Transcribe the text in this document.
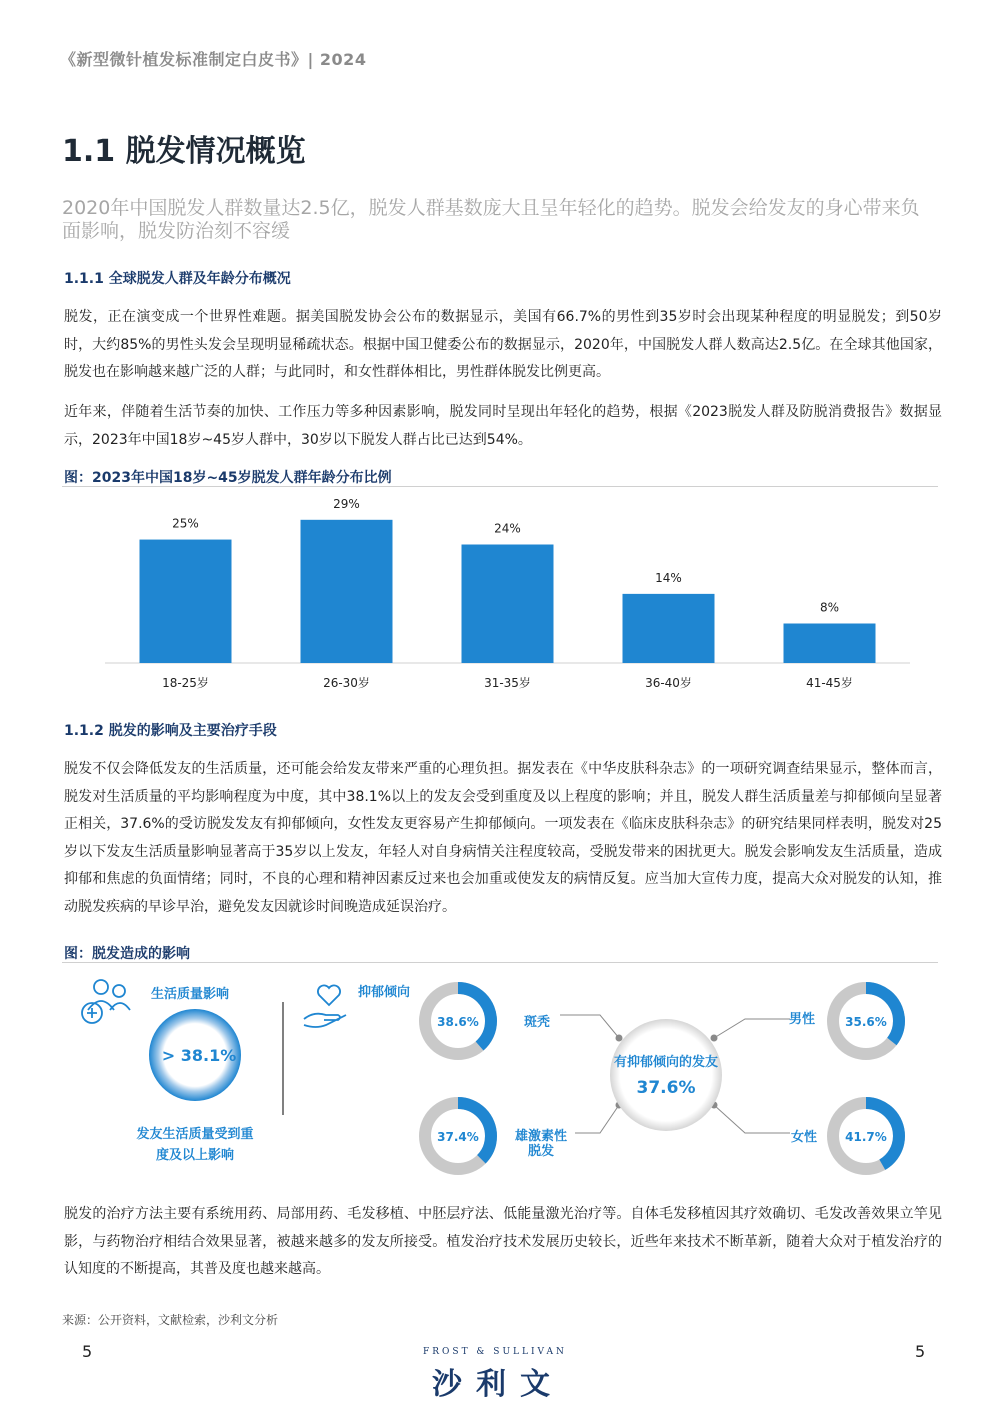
《新型微针植发标准制定白皮书》| 2024
1.1 脱发情况概览
2020年中国脱发人群数量达2.5亿，脱发人群基数庞大且呈年轻化的趋势。脱发会给发友的身心带来负面影响，脱发防治刻不容缓
1.1.1 全球脱发人群及年龄分布概况
脱发，正在演变成一个世界性难题。据美国脱发协会公布的数据显示，美国有66.7%的男性到35岁时会出现某种程度的明显脱发；到50岁时，大约85%的男性头发会呈现明显稀疏状态。根据中国卫健委公布的数据显示，2020年，中国脱发人群人数高达2.5亿。在全球其他国家，脱发也在影响越来越广泛的人群；与此同时，和女性群体相比，男性群体脱发比例更高。
近年来，伴随着生活节奏的加快、工作压力等多种因素影响，脱发同时呈现出年轻化的趋势，根据《2023脱发人群及防脱消费报告》数据显示，2023年中国18岁~45岁人群中，30岁以下脱发人群占比已达到54%。
图：2023年中国18岁~45岁脱发人群年龄分布比例
25%
18-25岁
29%
26-30岁
24%
31-35岁
14%
36-40岁
8%
41-45岁
1.1.2 脱发的影响及主要治疗手段
脱发不仅会降低发友的生活质量，还可能会给发友带来严重的心理负担。据发表在《中华皮肤科杂志》的一项研究调查结果显示，整体而言，脱发对生活质量的平均影响程度为中度，其中38.1%以上的发友会受到重度及以上程度的影响；并且，脱发人群生活质量差与抑郁倾向呈显著正相关，37.6%的受访脱发发友有抑郁倾向，女性发友更容易产生抑郁倾向。一项发表在《临床皮肤科杂志》的研究结果同样表明，脱发对25岁以下发友生活质量影响显著高于35岁以上发友，年轻人对自身病情关注程度较高，受脱发带来的困扰更大。脱发会影响发友生活质量，造成抑郁和焦虑的负面情绪；同时，不良的心理和精神因素反过来也会加重或使发友的病情反复。应当加大宣传力度，提高大众对脱发的认知，推动脱发疾病的早诊早治，避免发友因就诊时间晚造成延误治疗。
图：脱发造成的影响
生活质量影响
> 38.1%
发友生活质量受到重
度及以上影响
抑郁倾向
38.6%
37.4%
35.6%
41.7%
有抑郁倾向的发友
37.6%
斑秃
雄激素性
脱发
男性
女性
脱发的治疗方法主要有系统用药、局部用药、毛发移植、中胚层疗法、低能量激光治疗等。自体毛发移植因其疗效确切、毛发改善效果立竿见影，与药物治疗相结合效果显著，被越来越多的发友所接受。植发治疗技术发展历史较长，近些年来技术不断革新，随着大众对于植发治疗的认知度的不断提高，其普及度也越来越高。
来源：公开资料，文献检索，沙利文分析
5	5
FROST & SULLIVAN
沙利文
